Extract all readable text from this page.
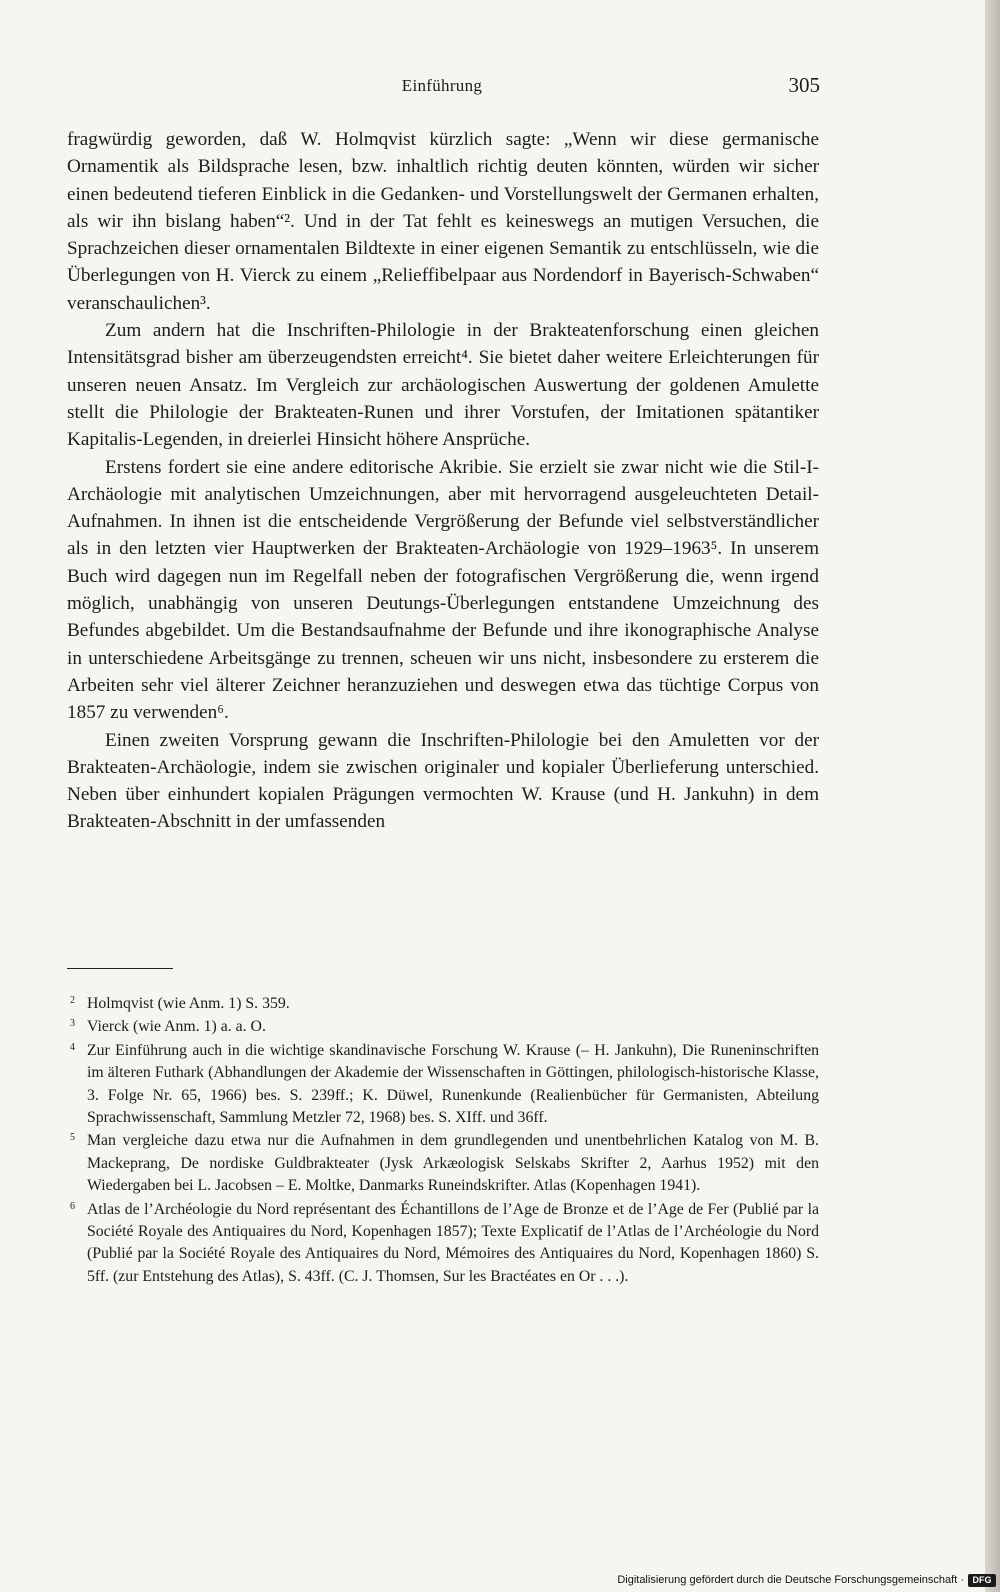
Einführung	305

fragwürdig geworden, daß W. Holmqvist kürzlich sagte: „Wenn wir diese germanische Ornamentik als Bildsprache lesen, bzw. inhaltlich richtig deuten könnten, würden wir sicher einen bedeutend tieferen Einblick in die Gedanken- und Vorstellungswelt der Germanen erhalten, als wir ihn bislang haben“². Und in der Tat fehlt es keineswegs an mutigen Versuchen, die Sprachzeichen dieser ornamentalen Bildtexte in einer eigenen Semantik zu entschlüsseln, wie die Überlegungen von H. Vierck zu einem „Relieffibelpaar aus Nordendorf in Bayerisch-Schwaben“ veranschaulichen³.

Zum andern hat die Inschriften-Philologie in der Brakteatenforschung einen gleichen Intensitätsgrad bisher am überzeugendsten erreicht⁴. Sie bietet daher weitere Erleichterungen für unseren neuen Ansatz. Im Vergleich zur archäologischen Auswertung der goldenen Amulette stellt die Philologie der Brakteaten-Runen und ihrer Vorstufen, der Imitationen spätantiker Kapitalis-Legenden, in dreierlei Hinsicht höhere Ansprüche.

Erstens fordert sie eine andere editorische Akribie. Sie erzielt sie zwar nicht wie die Stil-I-Archäologie mit analytischen Umzeichnungen, aber mit hervorragend ausgeleuchteten Detail-Aufnahmen. In ihnen ist die entscheidende Vergrößerung der Befunde viel selbstverständlicher als in den letzten vier Hauptwerken der Brakteaten-Archäologie von 1929–1963⁵. In unserem Buch wird dagegen nun im Regelfall neben der fotografischen Vergrößerung die, wenn irgend möglich, unabhängig von unseren Deutungs-Überlegungen entstandene Umzeichnung des Befundes abgebildet. Um die Bestandsaufnahme der Befunde und ihre ikonographische Analyse in unterschiedene Arbeitsgänge zu trennen, scheuen wir uns nicht, insbesondere zu ersterem die Arbeiten sehr viel älterer Zeichner heranzuziehen und deswegen etwa das tüchtige Corpus von 1857 zu verwenden⁶.

Einen zweiten Vorsprung gewann die Inschriften-Philologie bei den Amuletten vor der Brakteaten-Archäologie, indem sie zwischen originaler und kopialer Überlieferung unterschied. Neben über einhundert kopialen Prägungen vermochten W. Krause (und H. Jankuhn) in dem Brakteaten-Abschnitt in der umfassenden

2 Holmqvist (wie Anm. 1) S. 359.
3 Vierck (wie Anm. 1) a. a. O.
4 Zur Einführung auch in die wichtige skandinavische Forschung W. Krause (– H. Jankuhn), Die Runeninschriften im älteren Futhark (Abhandlungen der Akademie der Wissenschaften in Göttingen, philologisch-historische Klasse, 3. Folge Nr. 65, 1966) bes. S. 239ff.; K. Düwel, Runenkunde (Realienbücher für Germanisten, Abteilung Sprachwissenschaft, Sammlung Metzler 72, 1968) bes. S. XIff. und 36ff.
5 Man vergleiche dazu etwa nur die Aufnahmen in dem grundlegenden und unentbehrlichen Katalog von M. B. Mackeprang, De nordiske Guldbrakteater (Jysk Arkæologisk Selskabs Skrifter 2, Aarhus 1952) mit den Wiedergaben bei L. Jacobsen – E. Moltke, Danmarks Runeindskrifter. Atlas (Kopenhagen 1941).
6 Atlas de l’Archéologie du Nord représentant des Échantillons de l’Age de Bronze et de l’Age de Fer (Publié par la Société Royale des Antiquaires du Nord, Kopenhagen 1857); Texte Explicatif de l’Atlas de l’Archéologie du Nord (Publié par la Société Royale des Antiquaires du Nord, Mémoires des Antiquaires du Nord, Kopenhagen 1860) S. 5ff. (zur Entstehung des Atlas), S. 43ff. (C. J. Thomsen, Sur les Bractéates en Or . . .).
Digitalisierung gefördert durch die Deutsche Forschungsgemeinschaft · DFG
